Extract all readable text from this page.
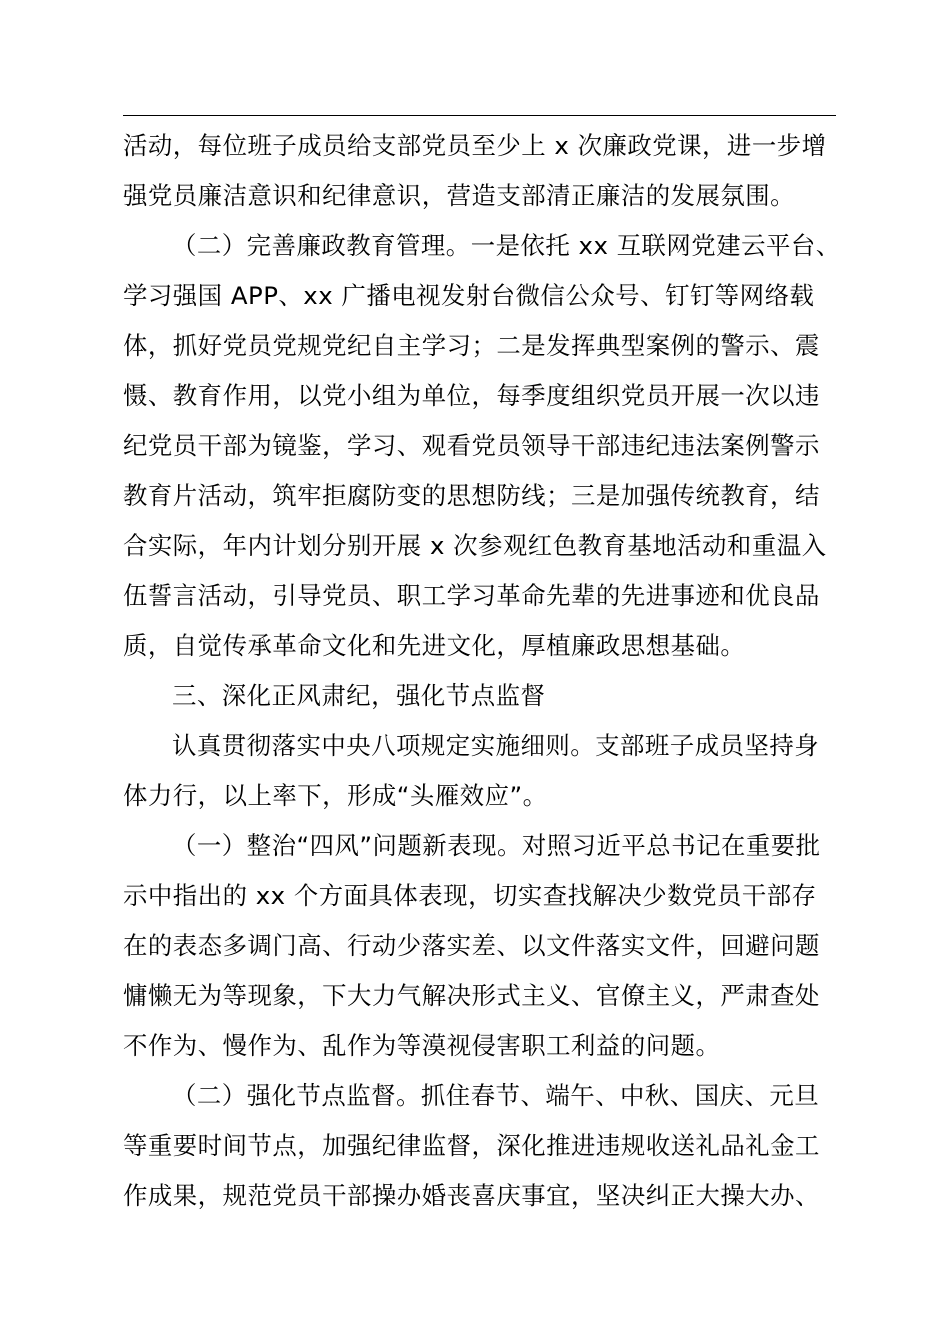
活动，每位班子成员给支部党员至少上 x 次廉政党课，进一步增
强党员廉洁意识和纪律意识，营造支部清正廉洁的发展氛围。
（二）完善廉政教育管理。一是依托 xx 互联网党建云平台、
学习强国 APP、xx 广播电视发射台微信公众号、钉钉等网络载
体，抓好党员党规党纪自主学习；二是发挥典型案例的警示、震
慑、教育作用，以党小组为单位，每季度组织党员开展一次以违
纪党员干部为镜鉴，学习、观看党员领导干部违纪违法案例警示
教育片活动，筑牢拒腐防变的思想防线；三是加强传统教育，结
合实际，年内计划分别开展 x 次参观红色教育基地活动和重温入
伍誓言活动，引导党员、职工学习革命先辈的先进事迹和优良品
质，自觉传承革命文化和先进文化，厚植廉政思想基础。
三、深化正风肃纪，强化节点监督
认真贯彻落实中央八项规定实施细则。支部班子成员坚持身
体力行，以上率下，形成“头雁效应”。
（一）整治“四风”问题新表现。对照习近平总书记在重要批
示中指出的 xx 个方面具体表现，切实查找解决少数党员干部存
在的表态多调门高、行动少落实差、以文件落实文件，回避问题
慵懒无为等现象，下大力气解决形式主义、官僚主义，严肃查处
不作为、慢作为、乱作为等漠视侵害职工利益的问题。
（二）强化节点监督。抓住春节、端午、中秋、国庆、元旦
等重要时间节点，加强纪律监督，深化推进违规收送礼品礼金工
作成果，规范党员干部操办婚丧喜庆事宜，坚决纠正大操大办、
